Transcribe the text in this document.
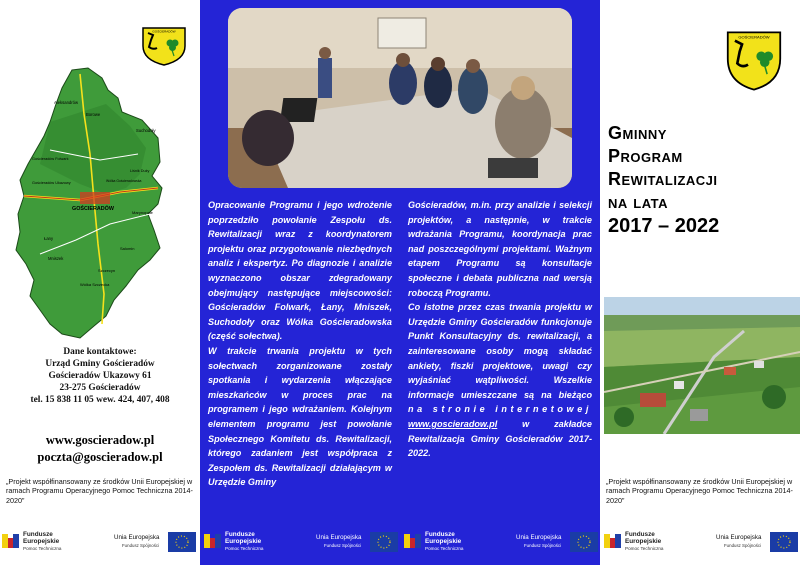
GOŚCIERADÓW
Aleksandrów
Borowe
Suchodoły
Gościeradów Folwark
Gościeradów Ukazowy
Liśnik Duży
Wólka Gościeradowska
GOŚCIERADÓW
Marynopole
Łany
Mniszek
Szczecyn
Wólka Szczecka
Salomin
Dane kontaktowe:
Urząd Gminy Gościeradów
Gościeradów Ukazowy 61
23-275 Gościeradów
tel. 15 838 11 05 wew. 424, 407, 408
www.goscieradow.pl
poczta@goscieradow.pl
„Projekt współfinansowany ze środków Unii Europejskiej w ramach Programu Operacyjnego Pomoc Techniczna 2014-2020”
Fundusze
Europejskie
Pomoc Techniczna
Unia Europejska
Fundusz Spójności

Opracowanie Programu i jego wdrożenie poprzedziło powołanie Zespołu ds. Rewitalizacji wraz z koordynatorem projektu oraz przygotowanie niezbędnych analiz i ekspertyz. Po diagnozie i analizie wyznaczono obszar zdegradowany obejmujący następujące miejscowości: Gościeradów Folwark, Łany, Mniszek, Suchodoły oraz Wólka Gościeradowska (część sołectwa).

W trakcie trwania projektu w tych sołectwach zorganizowane zostały spotkania i wydarzenia włączające mieszkańców w proces prac na programem i jego wdrażaniem. Kolejnym elementem programu jest powołanie Społecznego Komitetu ds. Rewitalizacji, którego zadaniem jest współpraca z Zespołem ds. Rewitalizacji działającym w Urzędzie Gminy

Gościeradów, m.in. przy analizie i selekcji projektów, a następnie, w trakcie wdrażania Programu, koordynacja prac nad poszczególnymi projektami. Ważnym etapem Programu są konsultacje społeczne i debata publiczna nad wersją roboczą Programu.

Co istotne przez czas trwania projektu w Urzędzie Gminy Gościeradów funkcjonuje Punkt Konsultacyjny ds. rewitalizacji, a zainteresowane osoby mogą składać ankiety, fiszki projektowe, uwagi czy wyjaśniać wątpliwości. Wszelkie informacje umieszczane są na bieżąco na stronie internetowej www.goscieradow.pl	w zakładce Rewitalizacja Gminy Gościeradów 2017-2022.

Fundusze
Europejskie
Pomoc Techniczna
Unia Europejska
Fundusz Spójności
Fundusze
Europejskie
Pomoc Techniczna
Unia Europejska
Fundusz Spójności
GOŚCIERADÓW
Gminny
Program
Rewitalizacji
na lata
2017 – 2022
„Projekt współfinansowany ze środków Unii Europejskiej w ramach Programu Operacyjnego Pomoc Techniczna 2014-2020”
Fundusze
Europejskie
Pomoc Techniczna
Unia Europejska
Fundusz Spójności
